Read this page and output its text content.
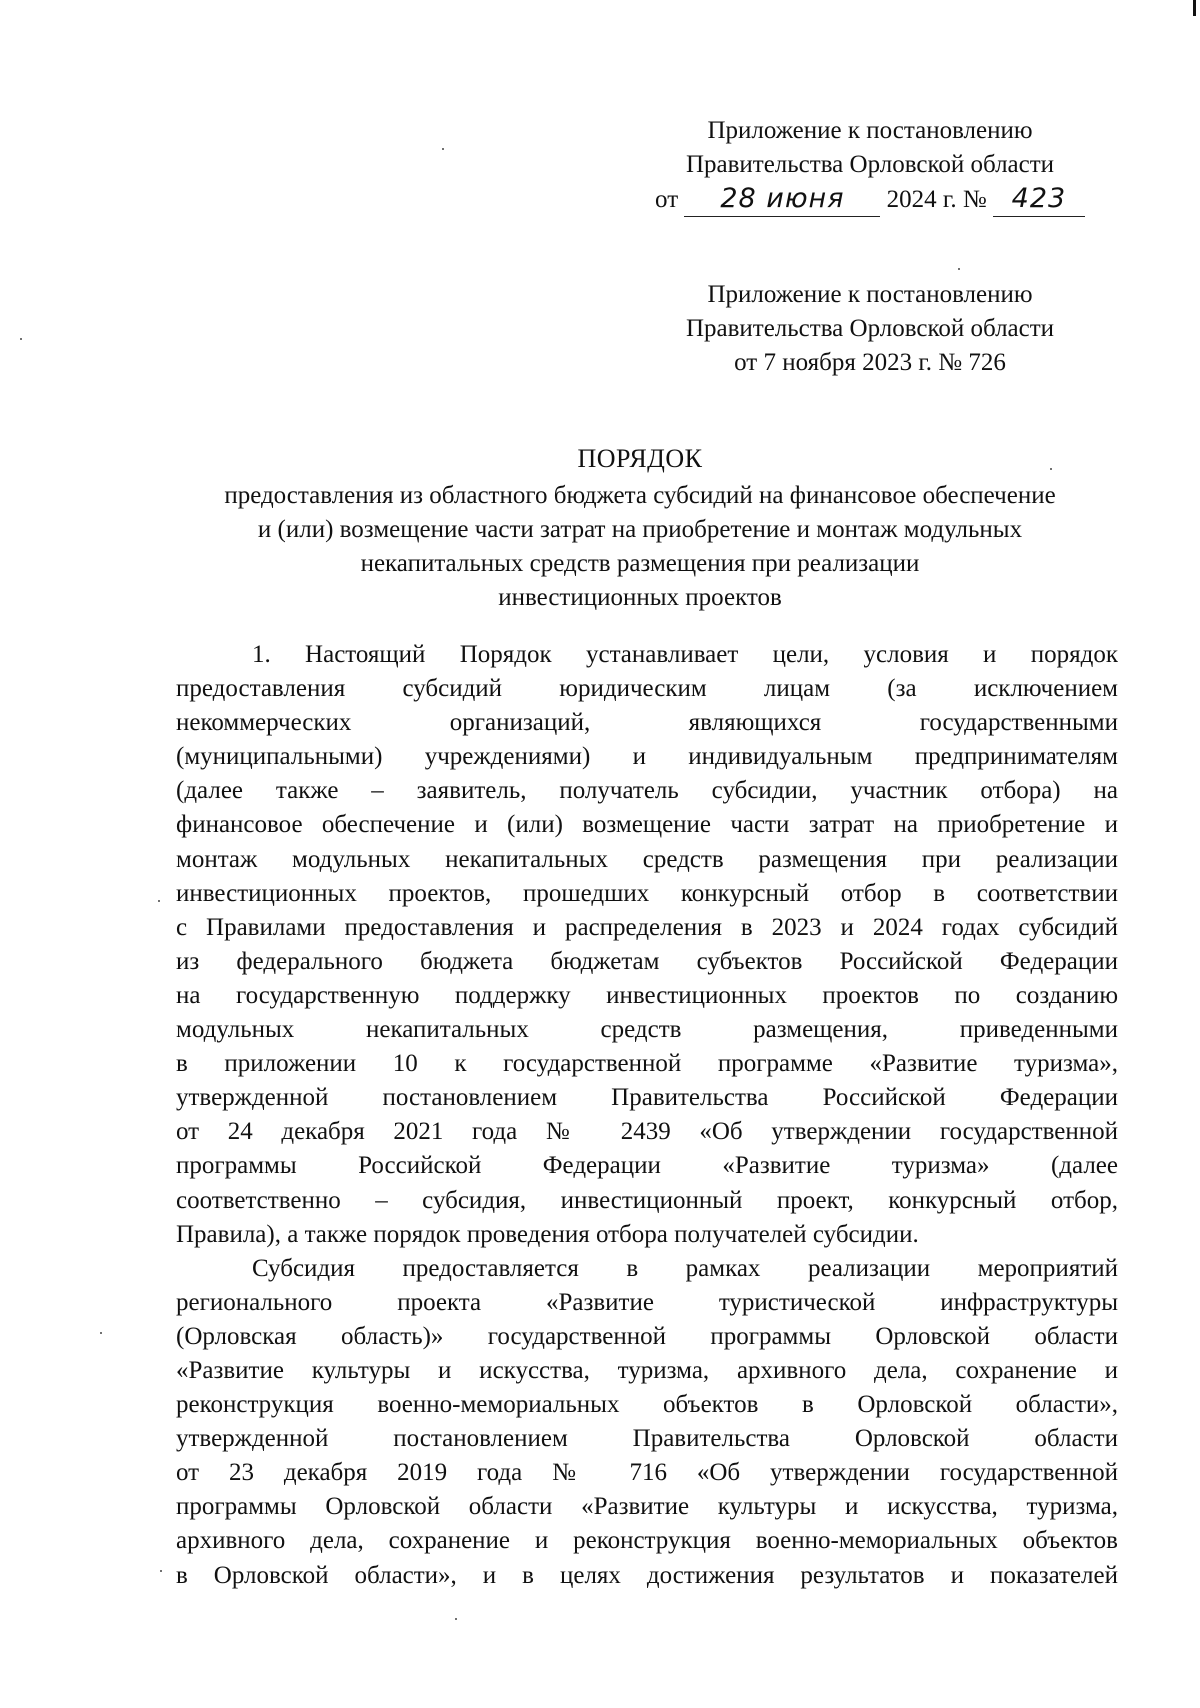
Приложение к постановлению
Правительства Орловской области
от 28 июня 2024 г. № 423
Приложение к постановлению
Правительства Орловской области
от 7 ноября 2023 г. № 726
ПОРЯДОК
предоставления из областного бюджета субсидий на финансовое обеспечение
и (или) возмещение части затрат на приобретение и монтаж модульных
некапитальных средств размещения при реализации
инвестиционных проектов
1. Настоящий Порядок устанавливает цели, условия и порядок
предоставления субсидий юридическим лицам (за исключением
некоммерческих организаций, являющихся государственными
(муниципальными) учреждениями) и индивидуальным предпринимателям
(далее также – заявитель, получатель субсидии, участник отбора) на
финансовое обеспечение и (или) возмещение части затрат на приобретение и
монтаж модульных некапитальных средств размещения при реализации
инвестиционных проектов, прошедших конкурсный отбор в соответствии
с Правилами предоставления и распределения в 2023 и 2024 годах субсидий
из федерального бюджета бюджетам субъектов Российской Федерации
на государственную поддержку инвестиционных проектов по созданию
модульных некапитальных средств размещения, приведенными
в приложении 10 к государственной программе «Развитие туризма»,
утвержденной постановлением Правительства Российской Федерации
от 24 декабря 2021 года № 2439 «Об утверждении государственной
программы Российской Федерации «Развитие туризма» (далее
соответственно – субсидия, инвестиционный проект, конкурсный отбор,
Правила), а также порядок проведения отбора получателей субсидии.
Субсидия предоставляется в рамках реализации мероприятий
регионального проекта «Развитие туристической инфраструктуры
(Орловская область)» государственной программы Орловской области
«Развитие культуры и искусства, туризма, архивного дела, сохранение и
реконструкция военно-мемориальных объектов в Орловской области»,
утвержденной постановлением Правительства Орловской области
от 23 декабря 2019 года № 716 «Об утверждении государственной
программы Орловской области «Развитие культуры и искусства, туризма,
архивного дела, сохранение и реконструкция военно-мемориальных объектов
в Орловской области», и в целях достижения результатов и показателей
